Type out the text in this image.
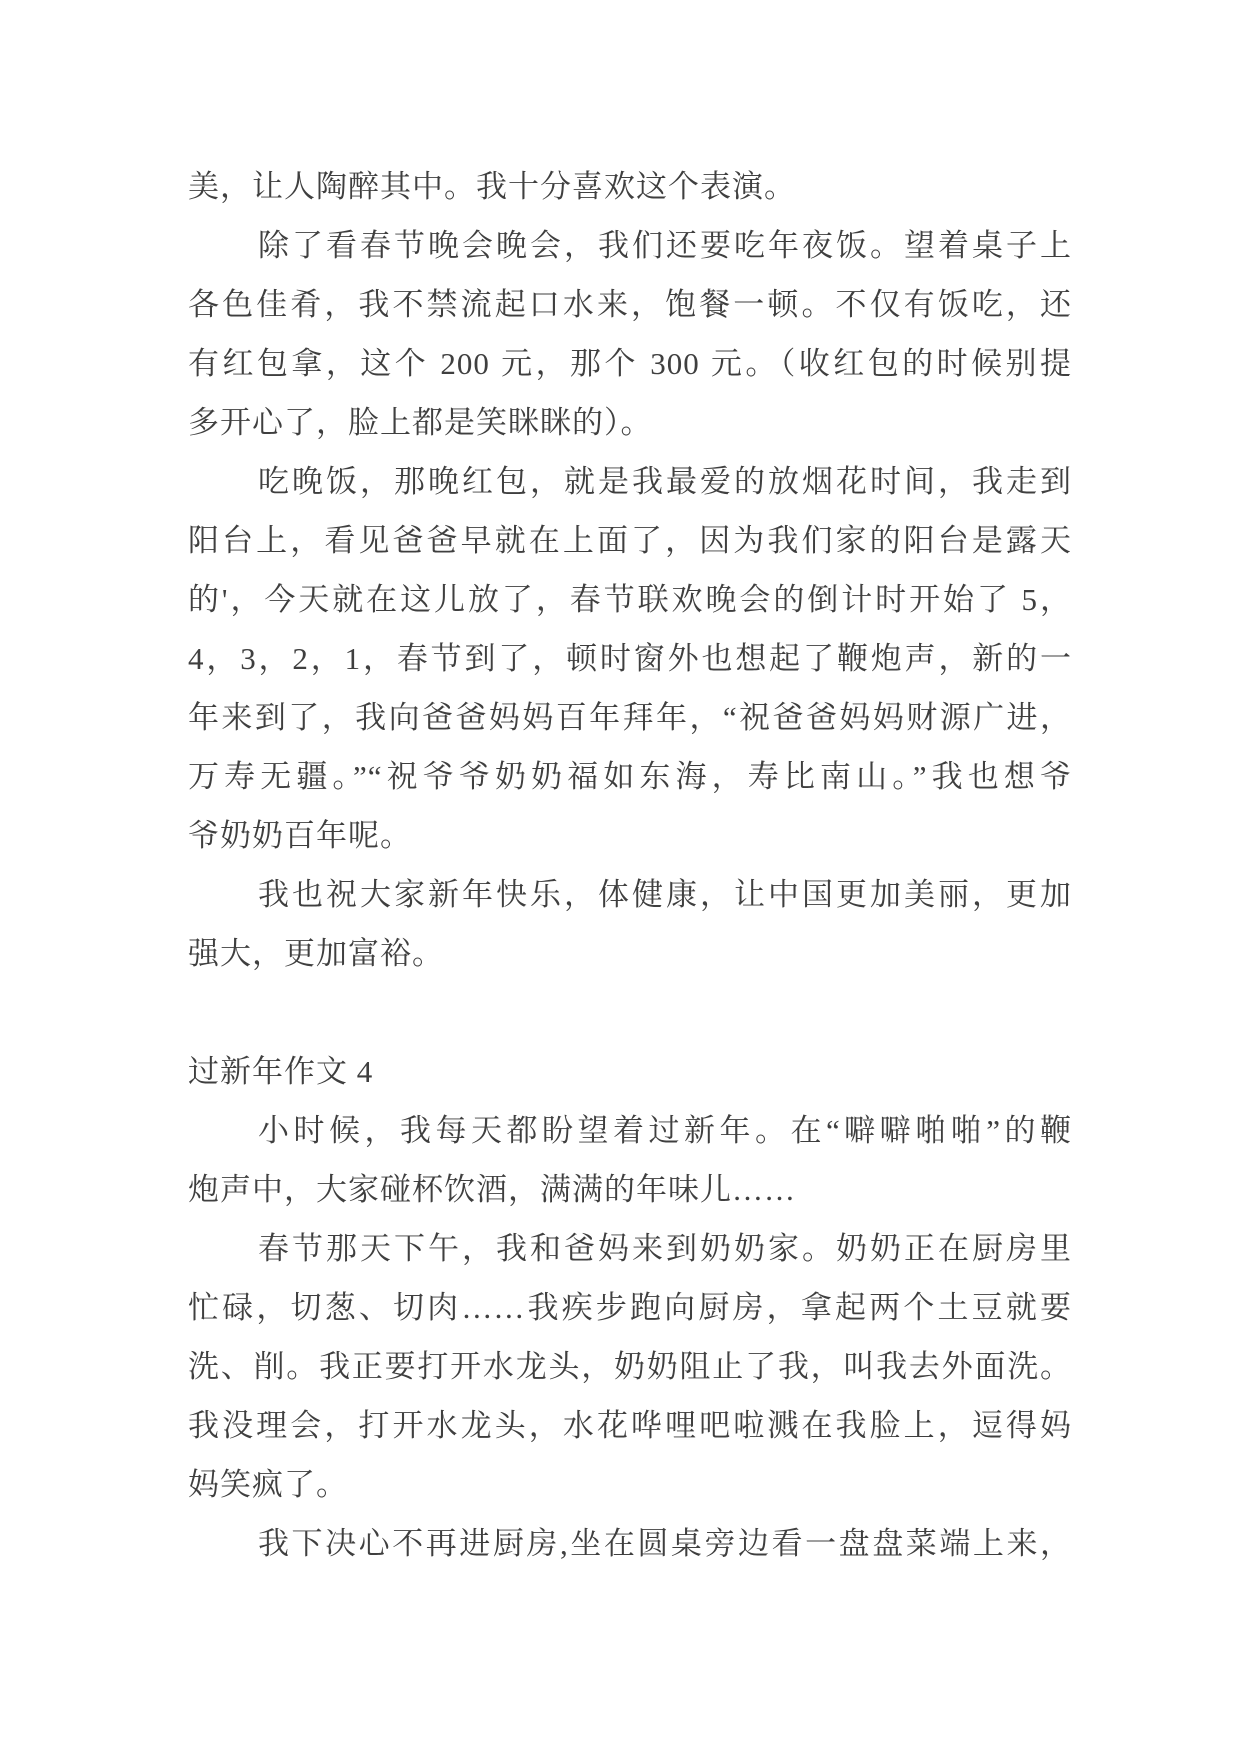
美，让人陶醉其中。我十分喜欢这个表演。
除了看春节晚会晚会，我们还要吃年夜饭。望着桌子上
各色佳肴，我不禁流起口水来，饱餐一顿。不仅有饭吃，还
有红包拿，这个 200 元，那个 300 元。（收红包的时候别提
多开心了，脸上都是笑眯眯的）。
吃晚饭，那晚红包，就是我最爱的放烟花时间，我走到
阳台上，看见爸爸早就在上面了，因为我们家的阳台是露天
的'，今天就在这儿放了，春节联欢晚会的倒计时开始了 5，
4，3，2，1，春节到了，顿时窗外也想起了鞭炮声，新的一
年来到了，我向爸爸妈妈百年拜年，“祝爸爸妈妈财源广进，
万寿无疆。”“祝爷爷奶奶福如东海，寿比南山。”我也想爷
爷奶奶百年呢。
我也祝大家新年快乐，体健康，让中国更加美丽，更加
强大，更加富裕。
过新年作文 4
小时候，我每天都盼望着过新年。在“噼噼啪啪”的鞭
炮声中，大家碰杯饮酒，满满的年味儿……
春节那天下午，我和爸妈来到奶奶家。奶奶正在厨房里
忙碌，切葱、切肉……我疾步跑向厨房，拿起两个土豆就要
洗、削。我正要打开水龙头，奶奶阻止了我，叫我去外面洗。
我没理会，打开水龙头，水花哗哩吧啦溅在我脸上，逗得妈
妈笑疯了。
我下决心不再进厨房,坐在圆桌旁边看一盘盘菜端上来，
